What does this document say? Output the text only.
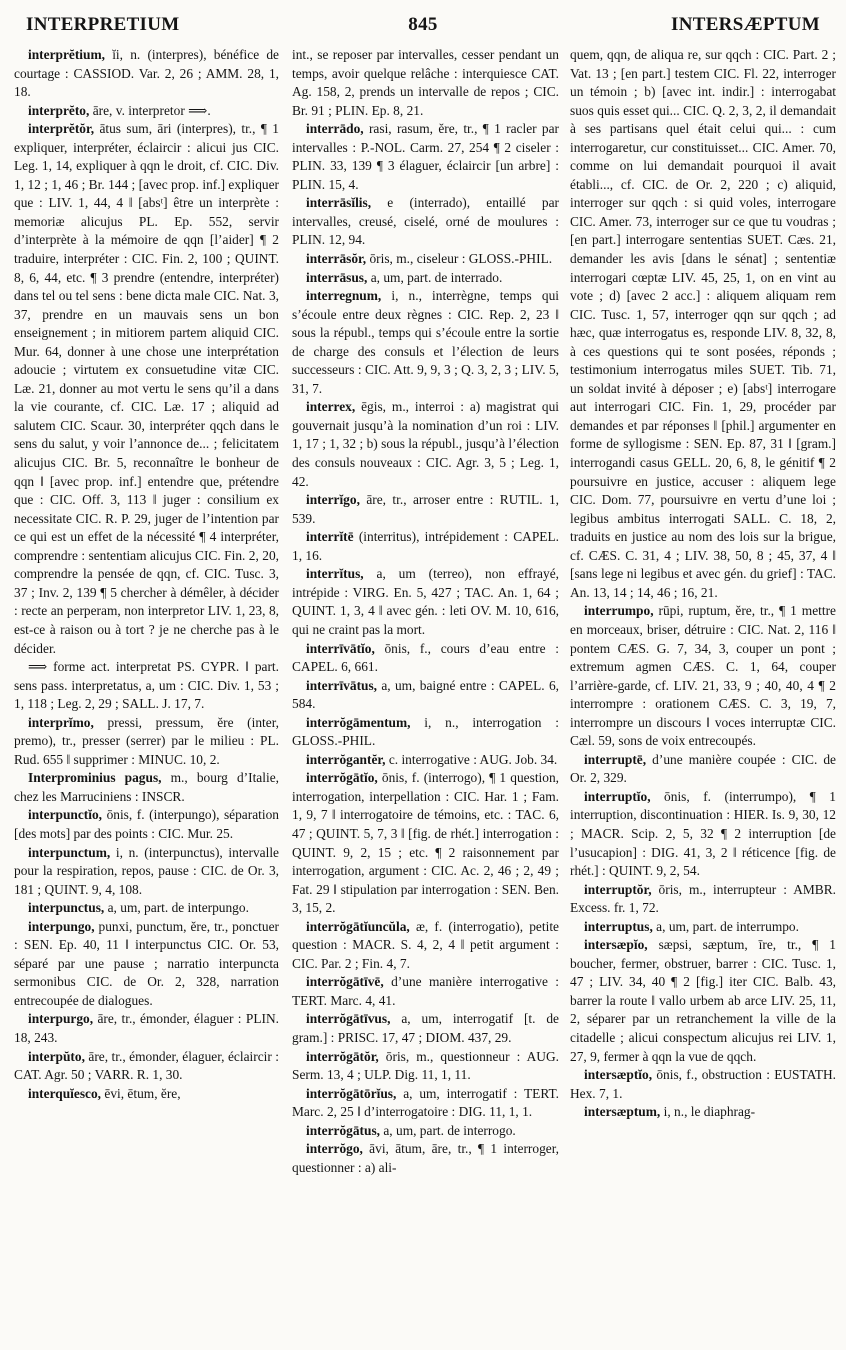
INTERPRETIUM	845	INTERSÆPTUM

interprĕtium, ĭi, n. (interpres), bénéfice de courtage : CASSIOD. Var. 2, 26 ; AMM. 28, 1, 18.

interprĕto, āre, v. interpretor ⟹.

interprĕtŏr, ātus sum, āri (interpres), tr., ¶ 1 expliquer, interpréter, éclaircir : alicui jus CIC. Leg. 1, 14, expliquer à qqn le droit, cf. CIC. Div. 1, 12 ; 1, 46 ; Br. 144 ; [avec prop. inf.] expliquer que : LIV. 1, 44, 4 ‖ [absᵗ] être un interprète : memoriæ alicujus PL. Ep. 552, servir d’interprète à la mémoire de qqn [l’aider] ¶ 2 traduire, interpréter : CIC. Fin. 2, 100 ; QUINT. 8, 6, 44, etc. ¶ 3 prendre (entendre, interpréter) dans tel ou tel sens : bene dicta male CIC. Nat. 3, 37, prendre en un mauvais sens un bon enseignement ; in mitiorem partem aliquid CIC. Mur. 64, donner à une chose une interprétation adoucie ; virtutem ex consuetudine vitæ CIC. Læ. 21, donner au mot vertu le sens qu’il a dans la vie courante, cf. CIC. Læ. 17 ; aliquid ad salutem CIC. Scaur. 30, interpréter qqch dans le sens du salut, y voir l’annonce de... ; felicitatem alicujus CIC. Br. 5, reconnaître le bonheur de qqn ‖ [avec prop. inf.] entendre que, prétendre que : CIC. Off. 3, 113 ‖ juger : consilium ex necessitate CIC. R. P. 29, juger de l’intention par ce qui est un effet de la nécessité ¶ 4 interpréter, comprendre : sententiam alicujus CIC. Fin. 2, 20, comprendre la pensée de qqn, cf. CIC. Tusc. 3, 37 ; Inv. 2, 139 ¶ 5 chercher à démêler, à décider : recte an perperam, non interpretor LIV. 1, 23, 8, est-ce à raison ou à tort ? je ne cherche pas à le décider.

⟹ forme act. interpretat PS. CYPR. ‖ part. sens pass. interpretatus, a, um : CIC. Div. 1, 53 ; 1, 118 ; Leg. 2, 29 ; SALL. J. 17, 7.

interprĭmo, pressi, pressum, ĕre (inter, premo), tr., presser (serrer) par le milieu : PL. Rud. 655 ‖ supprimer : MINUC. 10, 2.

Interprominius pagus, m., bourg d’Italie, chez les Marruciniens : INSCR.

interpunctĭo, ōnis, f. (interpungo), séparation [des mots] par des points : CIC. Mur. 25.

interpunctum, i, n. (interpunctus), intervalle pour la respiration, repos, pause : CIC. de Or. 3, 181 ; QUINT. 9, 4, 108.

interpunctus, a, um, part. de interpungo.

interpungo, punxi, punctum, ĕre, tr., ponctuer : SEN. Ep. 40, 11 ‖ interpunctus CIC. Or. 53, séparé par une pause ; narratio interpuncta sermonibus CIC. de Or. 2, 328, narration entrecoupée de dialogues.

interpurgo, āre, tr., émonder, élaguer : PLIN. 18, 243.

interpŭto, āre, tr., émonder, élaguer, éclaircir : CAT. Agr. 50 ; VARR. R. 1, 30.

interquĭesco, ēvi, ētum, ĕre,

int., se reposer par intervalles, cesser pendant un temps, avoir quelque relâche : interquiesce CAT. Ag. 158, 2, prends un intervalle de repos ; CIC. Br. 91 ; PLIN. Ep. 8, 21.

interrādo, rasi, rasum, ĕre, tr., ¶ 1 racler par intervalles : P.-NOL. Carm. 27, 254 ¶ 2 ciseler : PLIN. 33, 139 ¶ 3 élaguer, éclaircir [un arbre] : PLIN. 15, 4.

interrāsĭlis, e (interrado), entaillé par intervalles, creusé, ciselé, orné de moulures : PLIN. 12, 94.

interrāsŏr, ōris, m., ciseleur : GLOSS.-PHIL.

interrāsus, a, um, part. de interrado.

interregnum, i, n., interrègne, temps qui s’écoule entre deux règnes : CIC. Rep. 2, 23 ‖ sous la républ., temps qui s’écoule entre la sortie de charge des consuls et l’élection de leurs successeurs : CIC. Att. 9, 9, 3 ; Q. 3, 2, 3 ; LIV. 5, 31, 7.

interrex, ēgis, m., interroi : a) magistrat qui gouvernait jusqu’à la nomination d’un roi : LIV. 1, 17 ; 1, 32 ; b) sous la républ., jusqu’à l’élection des consuls nouveaux : CIC. Agr. 3, 5 ; Leg. 1, 42.

interrĭgo, āre, tr., arroser entre : RUTIL. 1, 539.

interrĭtē (interritus), intrépidement : CAPEL. 1, 16.

interrĭtus, a, um (terreo), non effrayé, intrépide : VIRG. En. 5, 427 ; TAC. An. 1, 64 ; QUINT. 1, 3, 4 ‖ avec gén. : leti OV. M. 10, 616, qui ne craint pas la mort.

interrīvātĭo, ōnis, f., cours d’eau entre : CAPEL. 6, 661.

interrīvātus, a, um, baigné entre : CAPEL. 6, 584.

interrŏgāmentum, i, n., interrogation : GLOSS.-PHIL.

interrŏgantĕr, c. interrogative : AUG. Job. 34.

interrŏgātĭo, ōnis, f. (interrogo), ¶ 1 question, interrogation, interpellation : CIC. Har. 1 ; Fam. 1, 9, 7 ‖ interrogatoire de témoins, etc. : TAC. 6, 47 ; QUINT. 5, 7, 3 ‖ [fig. de rhét.] interrogation : QUINT. 9, 2, 15 ; etc. ¶ 2 raisonnement par interrogation, argument : CIC. Ac. 2, 46 ; 2, 49 ; Fat. 29 ‖ stipulation par interrogation : SEN. Ben. 3, 15, 2.

interrŏgātĭuncŭla, æ, f. (interrogatio), petite question : MACR. S. 4, 2, 4 ‖ petit argument : CIC. Par. 2 ; Fin. 4, 7.

interrŏgātīvē, d’une manière interrogative : TERT. Marc. 4, 41.

interrŏgātīvus, a, um, interrogatif [t. de gram.] : PRISC. 17, 47 ; DIOM. 437, 29.

interrŏgātŏr, ōris, m., questionneur : AUG. Serm. 13, 4 ; ULP. Dig. 11, 1, 11.

interrŏgātōrĭus, a, um, interrogatif : TERT. Marc. 2, 25 ‖ d’interrogatoire : DIG. 11, 1, 1.

interrŏgātus, a, um, part. de interrogo.

interrŏgo, āvi, ātum, āre, tr., ¶ 1 interroger, questionner : a) ali-

quem, qqn, de aliqua re, sur qqch : CIC. Part. 2 ; Vat. 13 ; [en part.] testem CIC. Fl. 22, interroger un témoin ; b) [avec int. indir.] : interrogabat suos quis esset qui... CIC. Q. 2, 3, 2, il demandait à ses partisans quel était celui qui... : cum interrogaretur, cur constituisset... CIC. Amer. 70, comme on lui demandait pourquoi il avait établi..., cf. CIC. de Or. 2, 220 ; c) aliquid, interroger sur qqch : si quid voles, interrogare CIC. Amer. 73, interroger sur ce que tu voudras ; [en part.] interrogare sententias SUET. Cæs. 21, demander les avis [dans le sénat] ; sententiæ interrogari cœptæ LIV. 45, 25, 1, on en vint au vote ; d) [avec 2 acc.] : aliquem aliquam rem CIC. Tusc. 1, 57, interroger qqn sur qqch ; ad hæc, quæ interrogatus es, responde LIV. 8, 32, 8, à ces questions qui te sont posées, réponds ; testimonium interrogatus miles SUET. Tib. 71, un soldat invité à déposer ; e) [absᵗ] interrogare aut interrogari CIC. Fin. 1, 29, procéder par demandes et par réponses ‖ [phil.] argumenter en forme de syllogisme : SEN. Ep. 87, 31 ‖ [gram.] interrogandi casus GELL. 20, 6, 8, le génitif ¶ 2 poursuivre en justice, accuser : aliquem lege CIC. Dom. 77, poursuivre en vertu d’une loi ; legibus ambitus interrogati SALL. C. 18, 2, traduits en justice au nom des lois sur la brigue, cf. CÆS. C. 31, 4 ; LIV. 38, 50, 8 ; 45, 37, 4 ‖ [sans lege ni legibus et avec gén. du grief] : TAC. An. 13, 14 ; 14, 46 ; 16, 21.

interrumpo, rūpi, ruptum, ĕre, tr., ¶ 1 mettre en morceaux, briser, détruire : CIC. Nat. 2, 116 ‖ pontem CÆS. G. 7, 34, 3, couper un pont ; extremum agmen CÆS. C. 1, 64, couper l’arrière-garde, cf. LIV. 21, 33, 9 ; 40, 40, 4 ¶ 2 interrompre : orationem CÆS. C. 3, 19, 7, interrompre un discours ‖ voces interruptæ CIC. Cæl. 59, sons de voix entrecoupés.

interruptē, d’une manière coupée : CIC. de Or. 2, 329.

interruptĭo, ōnis, f. (interrumpo), ¶ 1 interruption, discontinuation : HIER. Is. 9, 30, 12 ; MACR. Scip. 2, 5, 32 ¶ 2 interruption [de l’usucapion] : DIG. 41, 3, 2 ‖ réticence [fig. de rhét.] : QUINT. 9, 2, 54.

interruptŏr, ōris, m., interrupteur : AMBR. Excess. fr. 1, 72.

interruptus, a, um, part. de interrumpo.

intersæpĭo, sæpsi, sæptum, īre, tr., ¶ 1 boucher, fermer, obstruer, barrer : CIC. Tusc. 1, 47 ; LIV. 34, 40 ¶ 2 [fig.] iter CIC. Balb. 43, barrer la route ‖ vallo urbem ab arce LIV. 25, 11, 2, séparer par un retranchement la ville de la citadelle ; alicui conspectum alicujus rei LIV. 1, 27, 9, fermer à qqn la vue de qqch.

intersæptĭo, ōnis, f., obstruction : EUSTATH. Hex. 7, 1.

intersæptum, i, n., le diaphrag-
